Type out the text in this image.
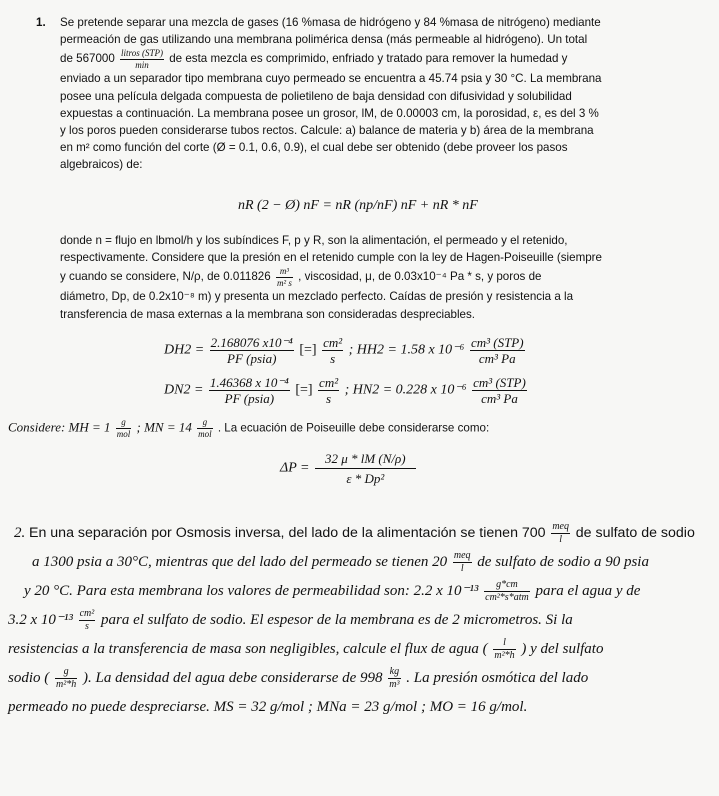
1. Se pretende separar una mezcla de gases (16 %masa de hidrógeno y 84 %masa de nitrógeno) mediante
permeación de gas utilizando una membrana polimérica densa (más permeable al hidrógeno). Un total
de $567000 \frac{\text{litros (STP)}}{\min}$ de esta mezcla es comprimido, enfriado y tratado para remover la humedad y
enviado a un separador tipo membrana cuyo permeado se encuentra a 45.74 psia y 30 °C. La membrana
posee una película delgada compuesta de polietileno de baja densidad con difusividad y solubilidad
expuestas a continuación. La membrana posee un grosor, lM, de 0.00003 cm, la porosidad, ε, es del 3 %
y los poros pueden considerarse tubos rectos. Calcule: a) balance de materia y b) área de la membrana
en m² como función del corte (Ø = 0.1, 0.6, 0.9), el cual debe ser obtenido (debe proveer los pasos
algebraicos) de:
nR (2 − Ø) nF = nR (np/nF) nF + nR * nF
donde n = flujo en lbmol/h y los subíndices F, p y R, son la alimentación, el permeado y el retenido,
respectivamente. Considere que la presión en el retenido cumple con la ley de Hagen-Poiseuille (siempre
y cuando se considere, N/ρ, de $0.011826 \frac{\text{m³}}{\text{m² s}}$ , viscosidad, μ, de 0.03x10⁻⁴ Pa * s, y poros de
diámetro, Dp, de 0.2x10⁻⁸ m) y presenta un mezclado perfecto. Caídas de presión y resistencia a la
transferencia de masa externas a la membrana son consideradas despreciables.
$DH2 = \frac{\text{2.168076 x10⁻⁴}}{\text{PF (psia)}}$ [=] $\frac{\text{cm²}}{s}$ ; HH2 = 1.58 x $10^{-6} \frac{\text{cm³ (STP)}}{\text{cm³ Pa}}$
$DN2 = \frac{\text{1.46368 x 10⁻⁴}}{\text{PF (psia)}}$ [=] $\frac{\text{cm²}}{s}$ ; HN2 = 0.228 x $10^{-6} \frac{\text{cm³ (STP)}}{\text{cm³ Pa}}$
Considere: MH = $1 \frac{g}{\text{mol}}$ ; MN = $14 \frac{g}{\text{mol}}$ . La ecuación de Poiseuille debe considerarse como:
$\Delta P = \frac{32 \mu * lM (N/\rho)}{\text{ε * Dp²}}$
2. En una separación por Osmosis inversa, del lado de la alimentación se tienen $700 \frac{\text{meq}}{l}$ de sulfato de sodio
a 1300 psia a 30°C, mientras que del lado del permeado se tienen $20 \frac{\text{meq}}{l}$ de sulfato de sodio a 90 psia
y 20 °C. Para esta membrana los valores de permeabilidad son: 2.2 x $10^{-13} \frac{g*cm}{\text{cm²*s*atm}}$ para el agua y de
3.2 x $10^{-13} \frac{\text{cm²}}{s}$ para el sulfato de sodio. El espesor de la membrana es de 2 micrometros. Si la
resistencias a la transferencia de masa son negligibles, calcule el flux de agua ( $\frac{l}{\text{m²*h}}$ ) y del sulfato
sodio ( $\frac{g}{\text{m²*h}}$ ). La densidad del agua debe considerarse de $998 \frac{kg}{\text{m³}}$ . La presión osmótica del lado
permeado no puede despreciarse. MS = 32 g/mol ; MNa = 23 g/mol ; MO = 16 g/mol.
